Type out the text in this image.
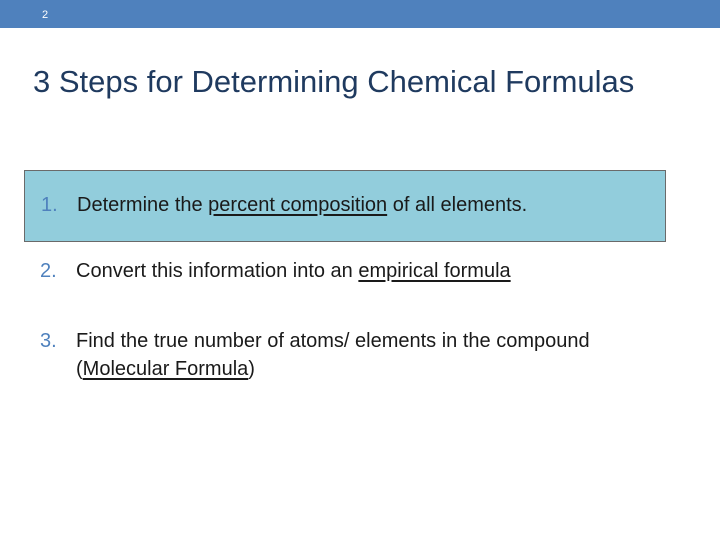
2
3 Steps for Determining Chemical Formulas
1. Determine the percent composition of all elements.
2. Convert this information into an empirical formula
3. Find the true number of atoms/ elements in the compound (Molecular Formula)
